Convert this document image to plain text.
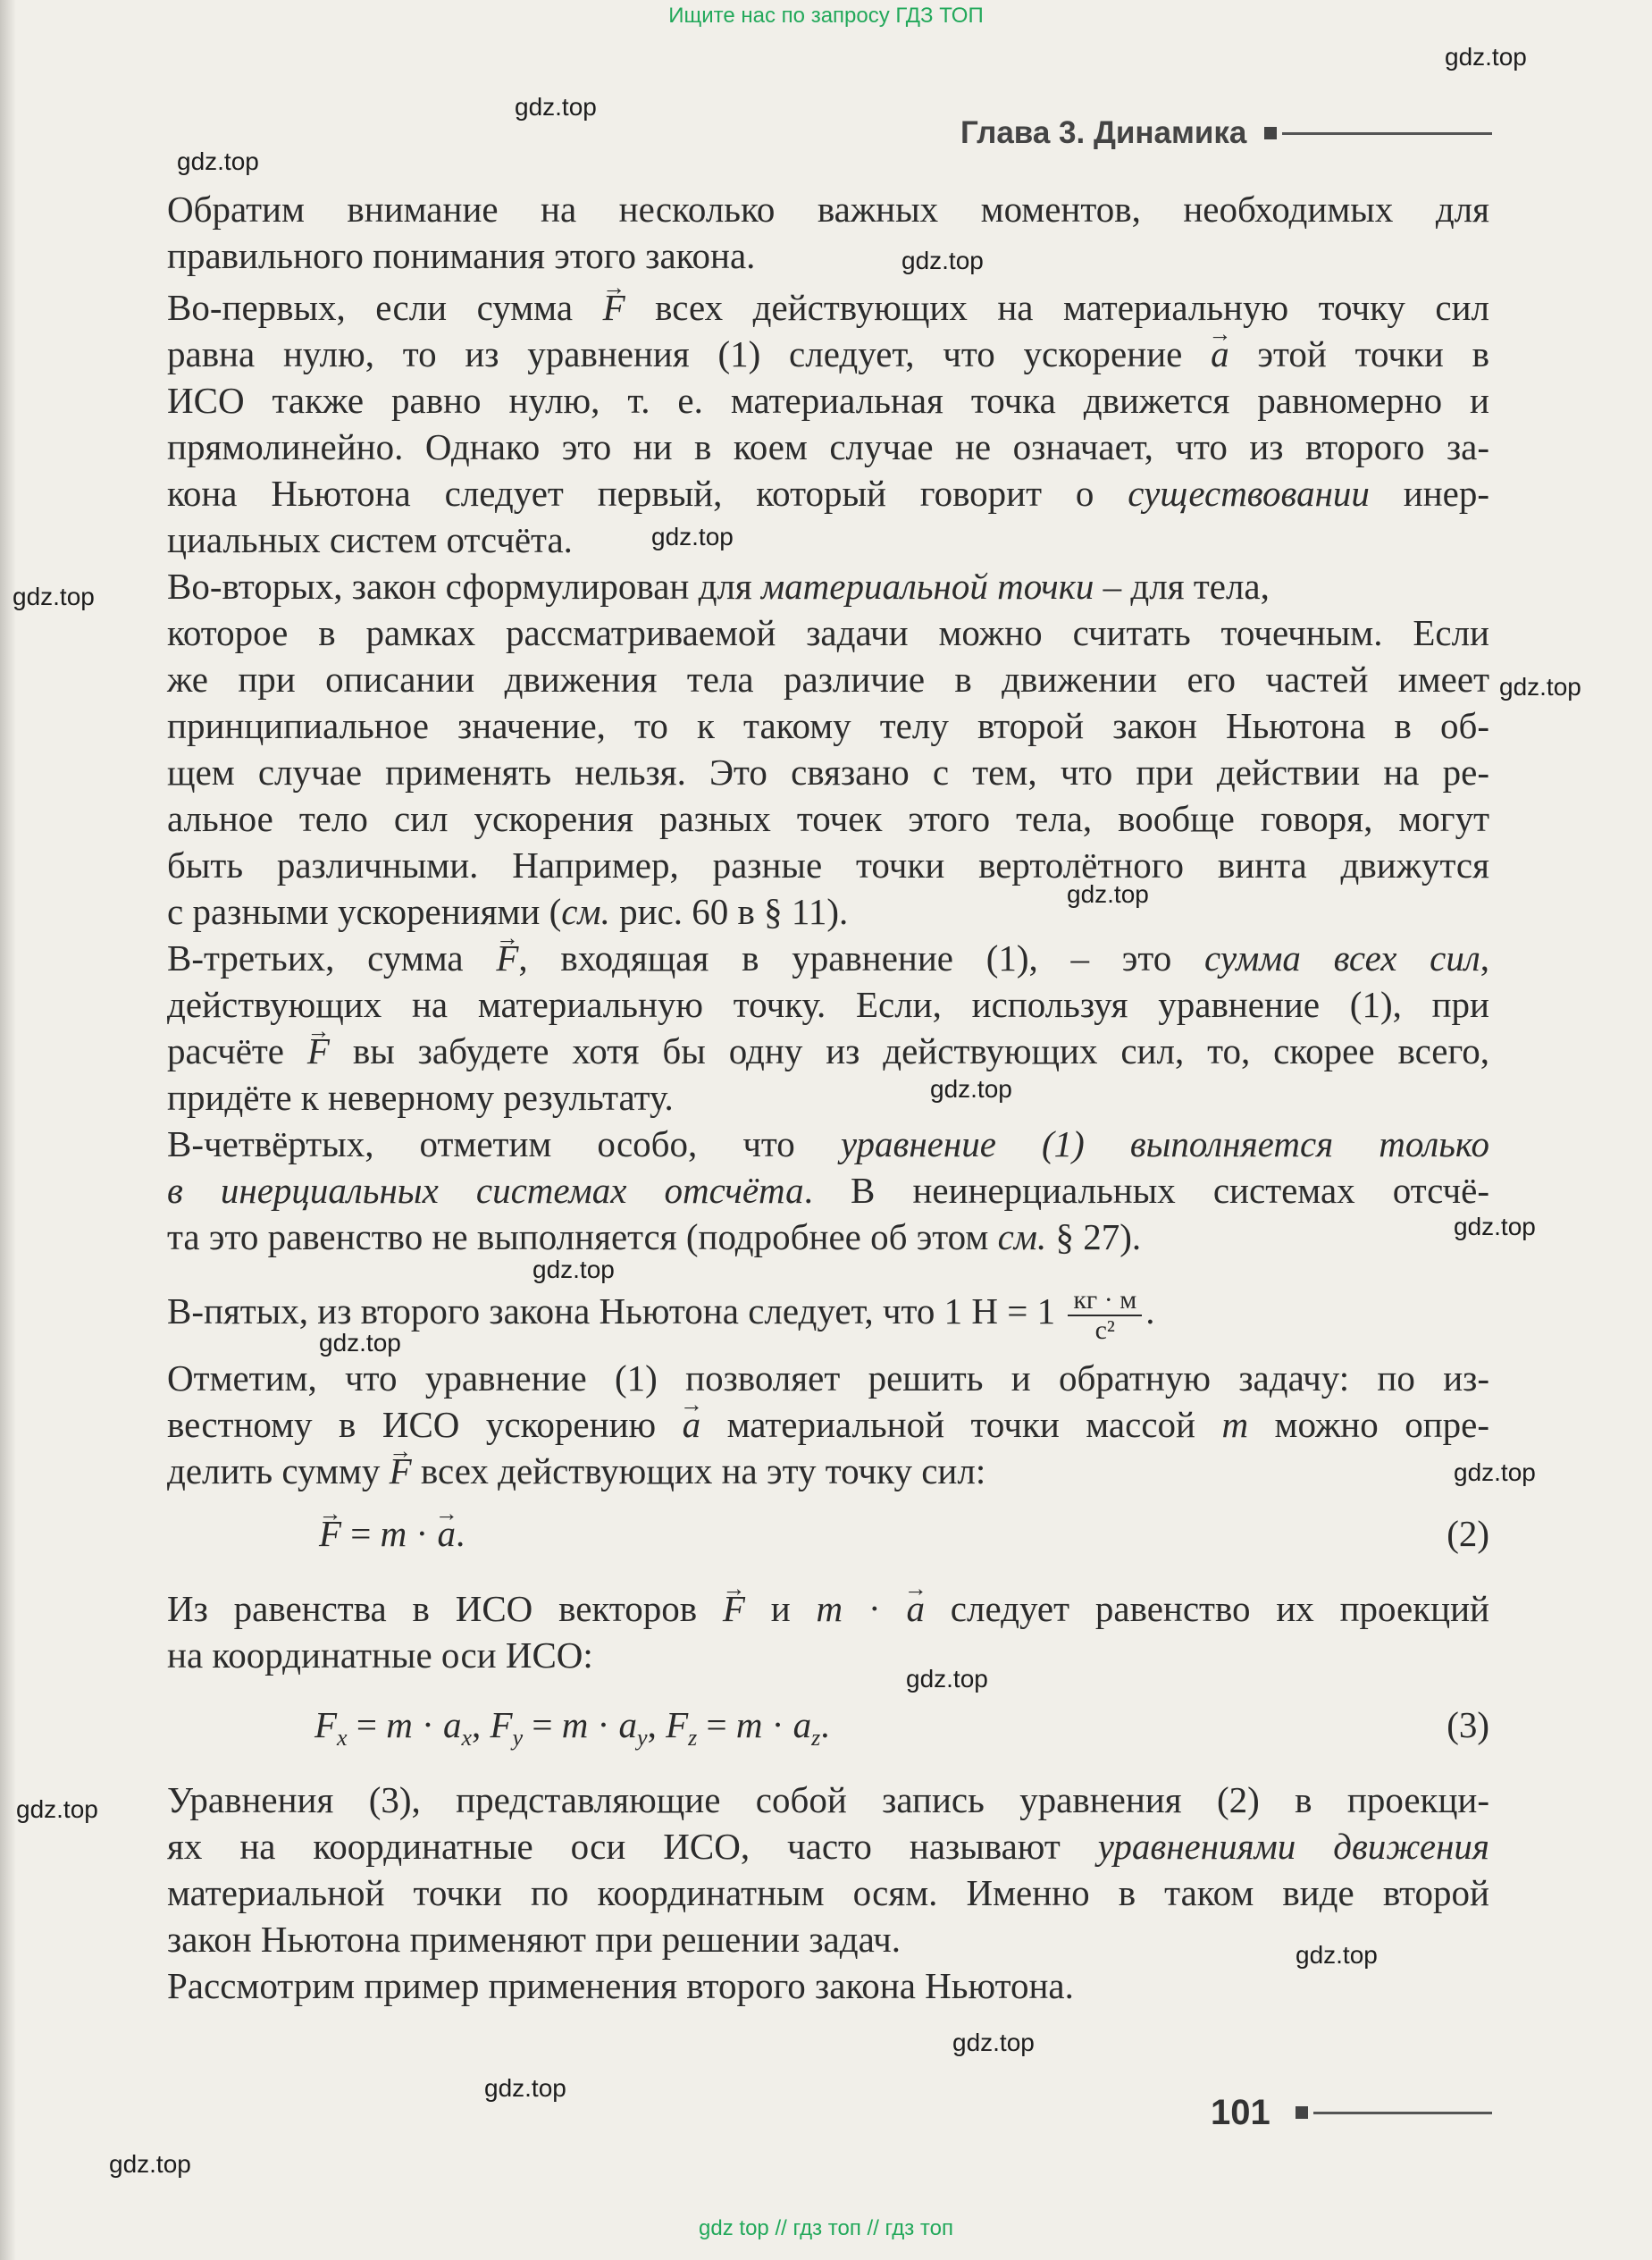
Ищите нас по запросу ГДЗ ТОП
gdz.top
gdz.top
gdz.top
gdz.top
gdz.top
gdz.top
gdz.top
gdz.top
gdz.top
gdz.top
gdz.top
gdz.top
gdz.top
gdz.top
gdz.top
gdz.top
gdz.top
gdz.top
gdz.top
Глава 3. Динамика
Обратим внимание на несколько важных моментов, необходимых для
правильного понимания этого закона.
Во-первых, если сумма → F всех действующих на материальную точку сил
равна нулю, то из уравнения (1) следует, что ускорение → a этой точки в
ИСО также равно нулю, т. е. материальная точка движется равномерно и
прямолинейно. Однако это ни в коем случае не означает, что из второго за-
кона Ньютона следует первый, который говорит о существовании инер-
циальных систем отсчёта.
Во-вторых, закон сформулирован для материальной точки – для тела,
которое в рамках рассматриваемой задачи можно считать точечным. Если
же при описании движения тела различие в движении его частей имеет
принципиальное значение, то к такому телу второй закон Ньютона в об-
щем случае применять нельзя. Это связано с тем, что при действии на ре-
альное тело сил ускорения разных точек этого тела, вообще говоря, могут
быть различными. Например, разные точки вертолётного винта движутся
с разными ускорениями (см. рис. 60 в § 11).
В-третьих, сумма → F, входящая в уравнение (1), – это сумма всех сил,
действующих на материальную точку. Если, используя уравнение (1), при
расчёте → F вы забудете хотя бы одну из действующих сил, то, скорее всего,
придёте к неверному результату.
В-четвёртых, отметим особо, что уравнение (1) выполняется только
в инерциальных системах отсчёта. В неинерциальных системах отсчё-
та это равенство не выполняется (подробнее об этом см. § 27).
В-пятых, из второго закона Ньютона следует, что 1 $Н = 1 \frac{кг \cdot м}{\text{с²}}$ .
Отметим, что уравнение (1) позволяет решить и обратную задачу: по из-
вестному в ИСО ускорению → a материальной точки массой m можно опре-
делить сумму → F всех действующих на эту точку сил:
→ F = m · → a.	(2)
Из равенства в ИСО векторов → F и m · → a следует равенство их проекций
на координатные оси ИСО:
$F_x = m \cdot a_x$, $F_y = m \cdot a_y$, $F_z = m \cdot a_z$.	(3)
Уравнения (3), представляющие собой запись уравнения (2) в проекци-
ях на координатные оси ИСО, часто называют уравнениями движения
материальной точки по координатным осям. Именно в таком виде второй
закон Ньютона применяют при решении задач.
Рассмотрим пример применения второго закона Ньютона.
101
gdz top // гдз топ // гдз топ
